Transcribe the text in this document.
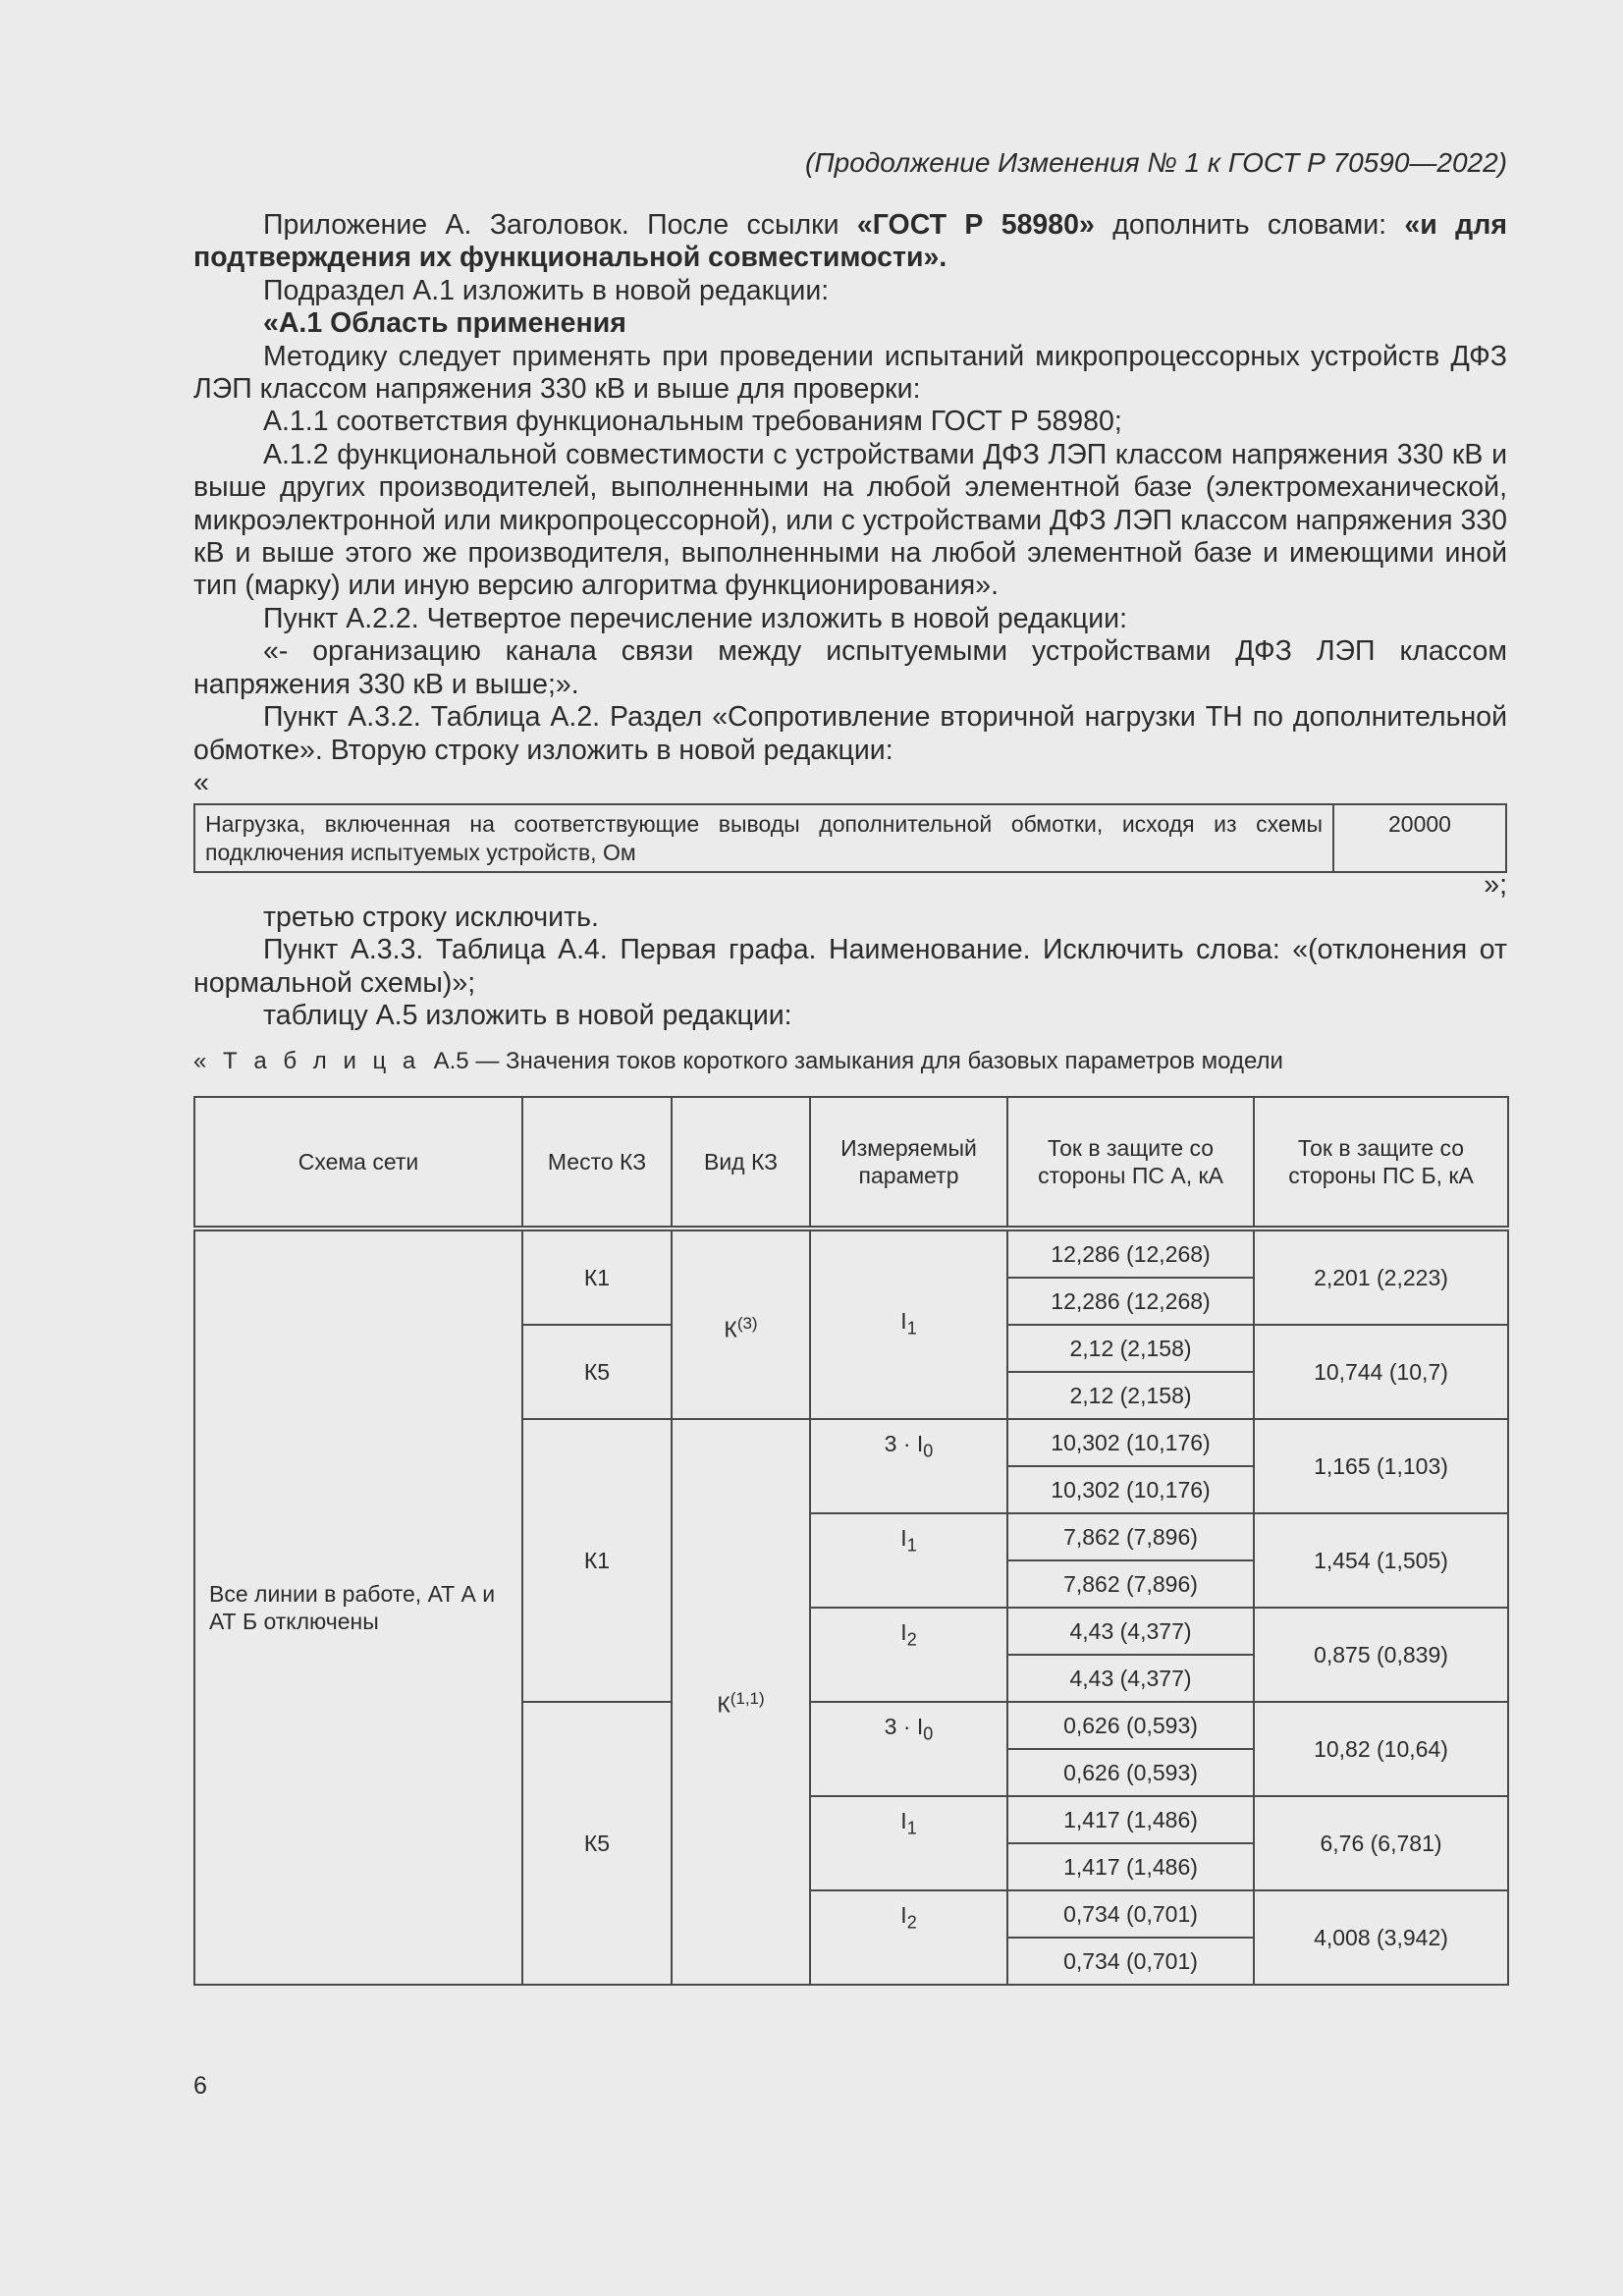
(Продолжение Изменения № 1 к ГОСТ Р 70590—2022)

Приложение А. Заголовок. После ссылки «ГОСТ Р 58980» дополнить словами: «и для подтверждения их функциональной совместимости».

Подраздел А.1 изложить в новой редакции:

«А.1 Область применения

Методику следует применять при проведении испытаний микропроцессорных устройств ДФЗ ЛЭП классом напряжения 330 кВ и выше для проверки:

А.1.1 соответствия функциональным требованиям ГОСТ Р 58980;

А.1.2 функциональной совместимости с устройствами ДФЗ ЛЭП классом напряжения 330 кВ и выше других производителей, выполненными на любой элементной базе (электромеханической, микроэлектронной или микропроцессорной), или с устройствами ДФЗ ЛЭП классом напряжения 330 кВ и выше этого же производителя, выполненными на любой элементной базе и имеющими иной тип (марку) или иную версию алгоритма функционирования».

Пункт А.2.2. Четвертое перечисление изложить в новой редакции:

«- организацию канала связи между испытуемыми устройствами ДФЗ ЛЭП классом напряжения 330 кВ и выше;».

Пункт А.3.2. Таблица А.2. Раздел «Сопротивление вторичной нагрузки ТН по дополнительной обмотке». Вторую строку изложить в новой редакции:

«

Нагрузка, включенная на соответствующие выводы дополнительной обмотки, исходя из схемы подключения испытуемых устройств, Ом	20000
»;

третью строку исключить.

Пункт А.3.3. Таблица А.4. Первая графа. Наименование. Исключить слова: «(отклонения от нормальной схемы)»;

таблицу А.5 изложить в новой редакции:

« Т а б л и ц а А.5 — Значения токов короткого замыкания для базовых параметров модели
Схема сети	Место КЗ	Вид КЗ	Измеряемый параметр	Ток в защите со стороны ПС А, кА	Ток в защите со стороны ПС Б, кА
Все линии в работе, АТ А и АТ Б отключены	К1	$К^{(3)}$	$I_1$	12,286 (12,268)	2,201 (2,223)
				12,286 (12,268)	
	К5			2,12 (2,158)	10,744 (10,7)
				2,12 (2,158)	
	К1	К$^{(1,1)}$	$3 \cdot I_0$	10,302 (10,176)	1,165 (1,103)
				10,302 (10,176)	
			$I_1$	7,862 (7,896)	1,454 (1,505)
				7,862 (7,896)	
			$I_2$	4,43 (4,377)	0,875 (0,839)
				4,43 (4,377)	
	К5		$3 \cdot I_0$	0,626 (0,593)	10,82 (10,64)
				0,626 (0,593)	
			$I_1$	1,417 (1,486)	6,76 (6,781)
				1,417 (1,486)	
			$I_2$	0,734 (0,701)	4,008 (3,942)
				0,734 (0,701)	
6
